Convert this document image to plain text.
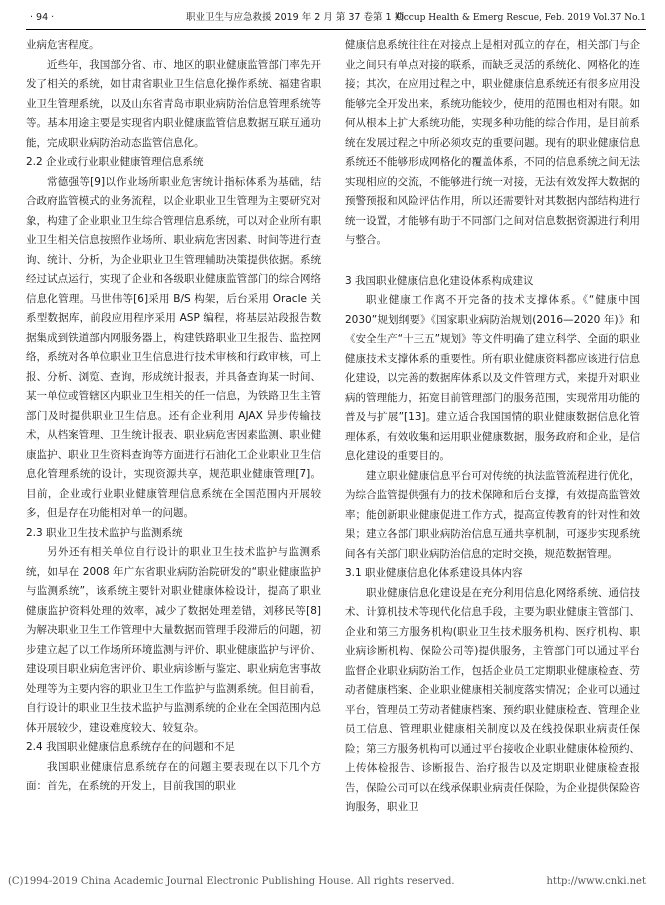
· 94 ·	职业卫生与应急救援 2019 年 2 月 第 37 卷第 1 期
Occup Health & Emerg Rescue, Feb. 2019 Vol.37 No.1

业病危害程度。

近些年，我国部分省、市、地区的职业健康监管部门率先开发了相关的系统，如甘肃省职业卫生信息化操作系统、福建省职业卫生管理系统，以及山东省青岛市职业病防治信息管理系统等等。基本用途主要是实现省内职业健康监管信息数据互联互通功能，完成职业病防治动态监管信息化。

2.2 企业或行业职业健康管理信息系统

常德强等[9]以作业场所职业危害统计指标体系为基础，结合政府监管模式的业务流程，以企业职业卫生管理为主要研究对象，构建了企业职业卫生综合管理信息系统，可以对企业所有职业卫生相关信息按照作业场所、职业病危害因素、时间等进行查询、统计、分析，为企业职业卫生管理辅助决策提供依据。系统经过试点运行，实现了企业和各级职业健康监管部门的综合网络信息化管理。马世伟等[6]采用 B/S 构架，后台采用 Oracle 关系型数据库，前段应用程序采用 ASP 编程，将基层站段报告数据集成到铁道部内网服务器上，构建铁路职业卫生报告、监控网络，系统对各单位职业卫生信息进行技术审核和行政审核，可上报、分析、浏览、查询，形成统计报表，并具备查询某一时间、某一单位或管辖区内职业卫生相关的任一信息，为铁路卫生主管部门及时提供职业卫生信息。还有企业利用 AJAX 异步传输技术，从档案管理、卫生统计报表、职业病危害因素监测、职业健康监护、职业卫生资料查询等方面进行石油化工企业职业卫生信息化管理系统的设计，实现资源共享，规范职业健康管理[7]。目前，企业或行业职业健康管理信息系统在全国范围内开展较多，但是存在功能相对单一的问题。

2.3 职业卫生技术监护与监测系统

另外还有相关单位自行设计的职业卫生技术监护与监测系统，如早在 2008 年广东省职业病防治院研发的“职业健康监护与监测系统”，该系统主要针对职业健康体检设计，提高了职业健康监护资料处理的效率，减少了数据处理差错，刘移民等[8]为解决职业卫生工作管理中大量数据而管理手段滞后的问题，初步建立起了以工作场所环境监测与评价、职业健康监护与评价、建设项目职业病危害评价、职业病诊断与鉴定、职业病危害事故处理等为主要内容的职业卫生工作监护与监测系统。但目前看，自行设计的职业卫生技术监护与监测系统的企业在全国范围内总体开展较少，建设难度较大、较复杂。

2.4 我国职业健康信息系统存在的问题和不足

我国职业健康信息系统存在的问题主要表现在以下几个方面：首先，在系统的开发上，目前我国的职业

健康信息系统往往在对接点上是相对孤立的存在，相关部门与企业之间只有单点对接的联系，而缺乏灵活的系统化、网格化的连接；其次，在应用过程之中，职业健康信息系统还有很多应用没能够完全开发出来，系统功能较少，使用的范围也相对有限。如何从根本上扩大系统功能，实现多种功能的综合作用，是目前系统在发展过程之中所必须攻克的重要问题。现有的职业健康信息系统还不能够形成网格化的覆盖体系，不同的信息系统之间无法实现相应的交流，不能够进行统一对接，无法有效发挥大数据的预警预报和风险评估作用，所以还需要针对其数据内部结构进行统一设置，才能够有助于不同部门之间对信息数据资源进行利用与整合。

3 我国职业健康信息化建设体系构成建议

职业健康工作离不开完备的技术支撑体系。《“健康中国 2030”规划纲要》《国家职业病防治规划(2016—2020 年)》和《安全生产“十三五”规划》等文件明确了建立科学、全面的职业健康技术支撑体系的重要性。所有职业健康资料都应该进行信息化建设，以完善的数据库体系以及文件管理方式，来提升对职业病的管理能力，拓宽目前管理部门的服务范围，实现常用功能的普及与扩展”[13]。建立适合我国国情的职业健康数据信息化管理体系，有效收集和运用职业健康数据，服务政府和企业，是信息化建设的重要目的。

建立职业健康信息平台可对传统的执法监管流程进行优化，为综合监管提供强有力的技术保障和后台支撑，有效提高监管效率；能创新职业健康促进工作方式，提高宣传教育的针对性和效果；建立各部门职业病防治信息互通共享机制，可逐步实现系统间各有关部门职业病防治信息的定时交换，规范数据管理。

3.1 职业健康信息化体系建设具体内容

职业健康信息化建设是在充分利用信息化网络系统、通信技术、计算机技术等现代化信息手段，主要为职业健康主管部门、企业和第三方服务机构(职业卫生技术服务机构、医疗机构、职业病诊断机构、保险公司等)提供服务，主管部门可以通过平台监督企业职业病防治工作，包括企业员工定期职业健康检查、劳动者健康档案、企业职业健康相关制度落实情况；企业可以通过平台，管理员工劳动者健康档案、预约职业健康检查、管理企业员工信息、管理职业健康相关制度以及在线投保职业病责任保险；第三方服务机构可以通过平台接收企业职业健康体检预约、上传体检报告、诊断报告、治疗报告以及定期职业健康检查报告，保险公司可以在线承保职业病责任保险，为企业提供保险咨询服务，职业卫

(C)1994-2019 China Academic Journal Electronic Publishing House. All rights reserved.	http://www.cnki.net
